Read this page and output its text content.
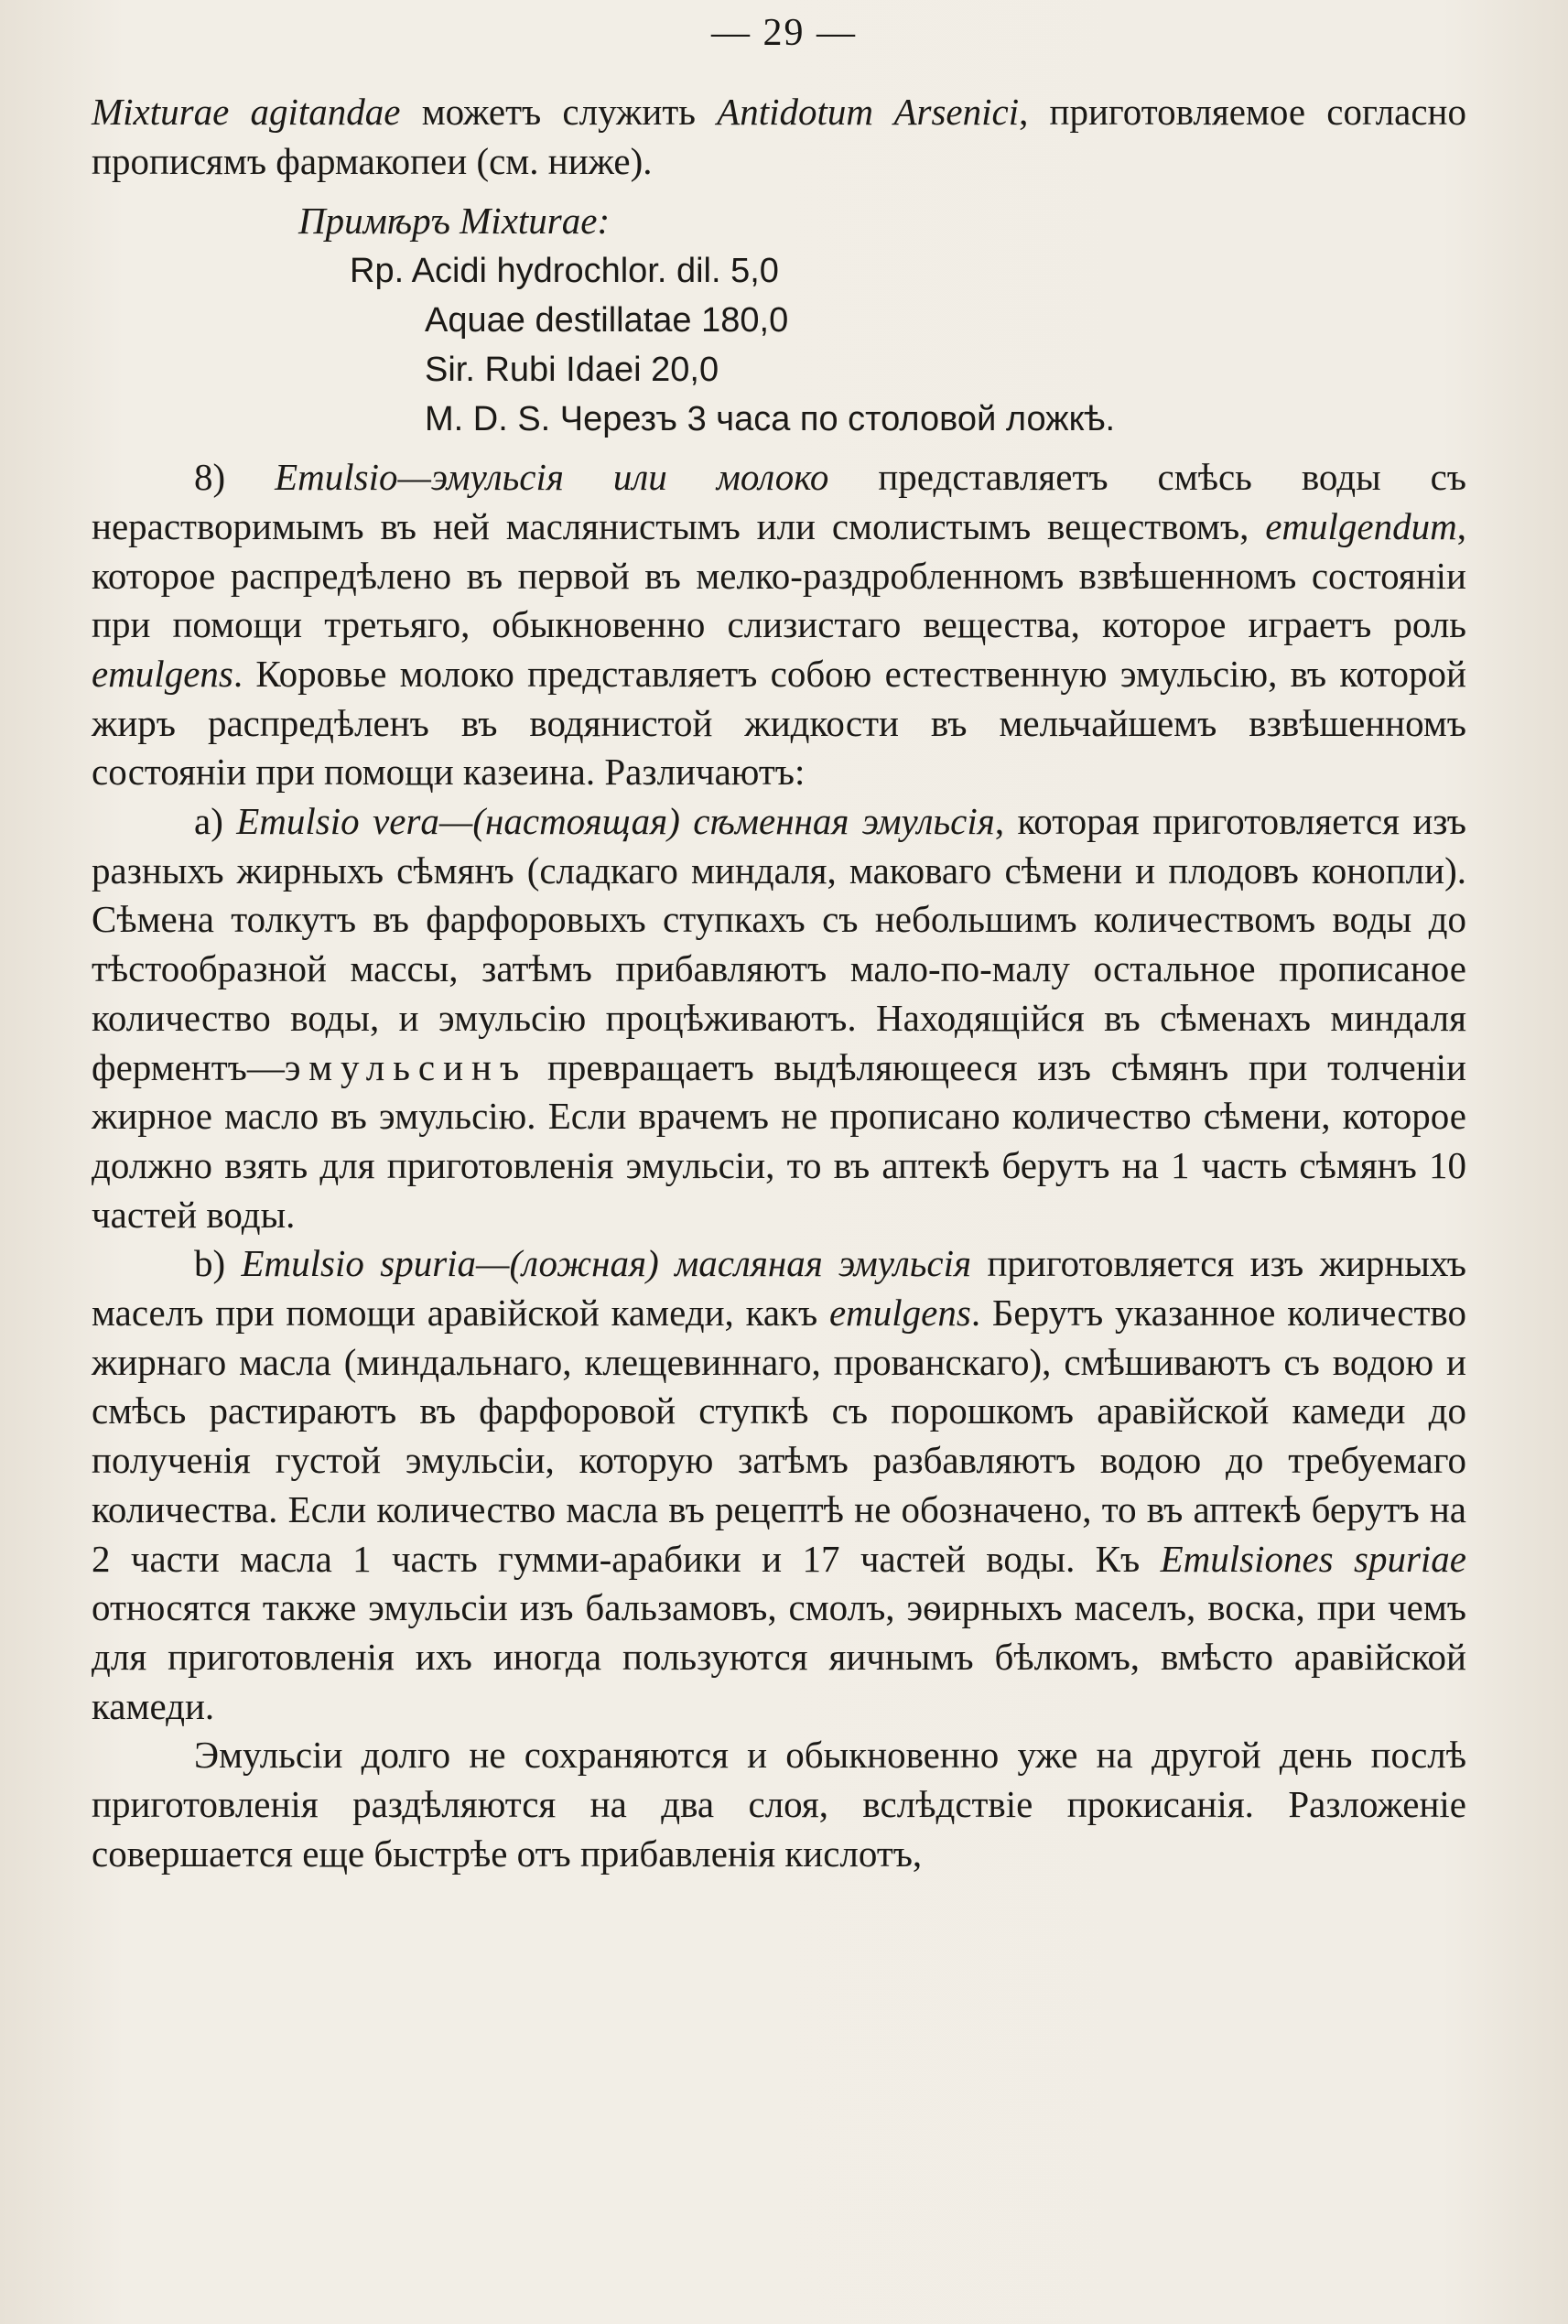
— 29 —

Mixturae agitandae можетъ служить Antidotum Arsenici, приготовляемое согласно прописямъ фармакопеи (см. ниже).

Примѣръ Mixturae:
Rp. Acidi hydrochlor. dil. 5,0
Aquae destillatae 180,0
Sir. Rubi Idaei 20,0
M. D. S. Черезъ 3 часа по столовой ложкѣ.

8) Emulsio—эмульсія или молоко представляетъ смѣсь воды съ нерастворимымъ въ ней маслянистымъ или смолистымъ веществомъ, emulgendum, которое распредѣлено въ первой въ мелко-раздробленномъ взвѣшенномъ состояніи при помощи третьяго, обыкновенно слизистаго вещества, которое играетъ роль emulgens. Коровье молоко представляетъ собою естественную эмульсію, въ которой жиръ распредѣленъ въ водянистой жидкости въ мельчайшемъ взвѣшенномъ состояніи при помощи казеина. Различаютъ:

a) Emulsio vera—(настоящая) сѣменная эмульсія, которая приготовляется изъ разныхъ жирныхъ сѣмянъ (сладкаго миндаля, маковаго сѣмени и плодовъ конопли). Сѣмена толкутъ въ фарфоровыхъ ступкахъ съ небольшимъ количествомъ воды до тѣстообразной массы, затѣмъ прибавляютъ мало-по-малу остальное прописаное количество воды, и эмульсію процѣживаютъ. Находящійся въ сѣменахъ миндаля ферментъ—эмульсинъ превращаетъ выдѣляющееся изъ сѣмянъ при толченіи жирное масло въ эмульсію. Если врачемъ не прописано количество сѣмени, которое должно взять для приготовленія эмульсіи, то въ аптекѣ берутъ на 1 часть сѣмянъ 10 частей воды.

b) Emulsio spuria—(ложная) масляная эмульсія приготовляется изъ жирныхъ маселъ при помощи аравійской камеди, какъ emulgens. Берутъ указанное количество жирнаго масла (миндальнаго, клещевиннаго, прованскаго), смѣшиваютъ съ водою и смѣсь растираютъ въ фарфоровой ступкѣ съ порошкомъ аравійской камеди до полученія густой эмульсіи, которую затѣмъ разбавляютъ водою до требуемаго количества. Если количество масла въ рецептѣ не обозначено, то въ аптекѣ берутъ на 2 части масла 1 часть гумми-арабики и 17 частей воды. Къ Emulsiones spuriae относятся также эмульсіи изъ бальзамовъ, смолъ, эѳирныхъ маселъ, воска, при чемъ для приготовленія ихъ иногда пользуются яичнымъ бѣлкомъ, вмѣсто аравійской камеди.

Эмульсіи долго не сохраняются и обыкновенно уже на другой день послѣ приготовленія раздѣляются на два слоя, вслѣдствіе прокисанія. Разложеніе совершается еще быстрѣе отъ прибавленія кислотъ,
